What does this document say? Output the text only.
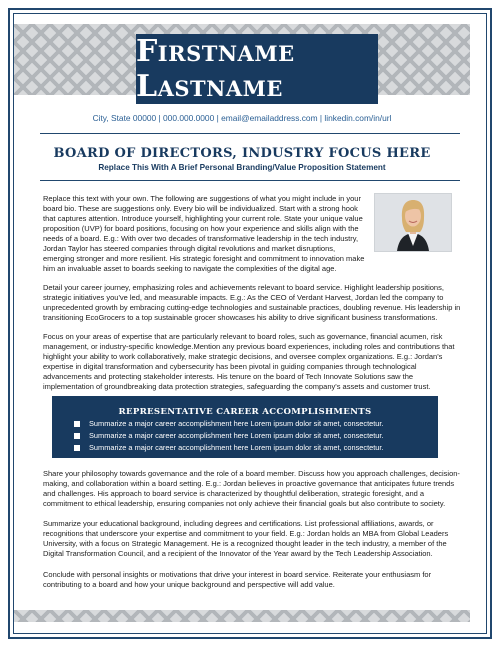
Firstname Lastname
City, State 00000 | 000.000.0000 | email@emailaddress.com | linkedin.com/in/url
BOARD OF DIRECTORS, INDUSTRY FOCUS HERE
Replace This With A Brief Personal Branding/Value Proposition Statement

Replace this text with your own. The following are suggestions of what you might include in your board bio. These are suggestions only. Every bio will be individualized. Start with a strong hook that captures attention. Introduce yourself, highlighting your current role. State your unique value proposition (UVP) for board positions, focusing on how your experience and skills align with the needs of a board. E.g.: With over two decades of transformative leadership in the tech industry, Jordan Taylor has steered companies through digital revolutions and market disruptions, emerging stronger and more resilient. His strategic foresight and commitment to innovation make him an invaluable asset to boards seeking to navigate the complexities of the digital age.

Detail your career journey, emphasizing roles and achievements relevant to board service. Highlight leadership positions, strategic initiatives you've led, and measurable impacts. E.g.: As the CEO of Verdant Harvest, Jordan led the company to unprecedented growth by embracing cutting-edge technologies and sustainable practices, doubling revenue. His leadership in transitioning EcoGrocers to a top sustainable grocer showcases his ability to drive significant business transformations.

Focus on your areas of expertise that are particularly relevant to board roles, such as governance, financial acumen, risk management, or industry-specific knowledge.Mention any previous board experiences, including roles and contributions that highlight your ability to work collaboratively, make strategic decisions, and oversee complex organizations. E.g.: Jordan's expertise in digital transformation and cybersecurity has been pivotal in guiding companies through technological advancements and protecting stakeholder interests. His tenure on the board of Tech Innovate Solutions saw the implementation of groundbreaking data protection strategies, safeguarding the company's assets and customer trust.

REPRESENTATIVE CAREER ACCOMPLISHMENTS
Summarize a major career accomplishment here Lorem ipsum dolor sit amet, consectetur.
Summarize a major career accomplishment here Lorem ipsum dolor sit amet, consectetur.
Summarize a major career accomplishment here Lorem ipsum dolor sit amet, consectetur.

Share your philosophy towards governance and the role of a board member. Discuss how you approach challenges, decision-making, and collaboration within a board setting. E.g.: Jordan believes in proactive governance that anticipates future trends and challenges. His approach to board service is characterized by thoughtful deliberation, strategic foresight, and a commitment to ethical leadership, ensuring companies not only achieve their financial goals but also contribute to society.

Summarize your educational background, including degrees and certifications. List professional affiliations, awards, or recognitions that underscore your expertise and commitment to your field. E.g.: Jordan holds an MBA from Global Leaders University, with a focus on Strategic Management. He is a recognized thought leader in the tech industry, a member of the Digital Transformation Council, and a recipient of the Innovator of the Year award by the Tech Leadership Association.

Conclude with personal insights or motivations that drive your interest in board service. Reiterate your enthusiasm for contributing to a board and how your unique background and perspective will add value.
